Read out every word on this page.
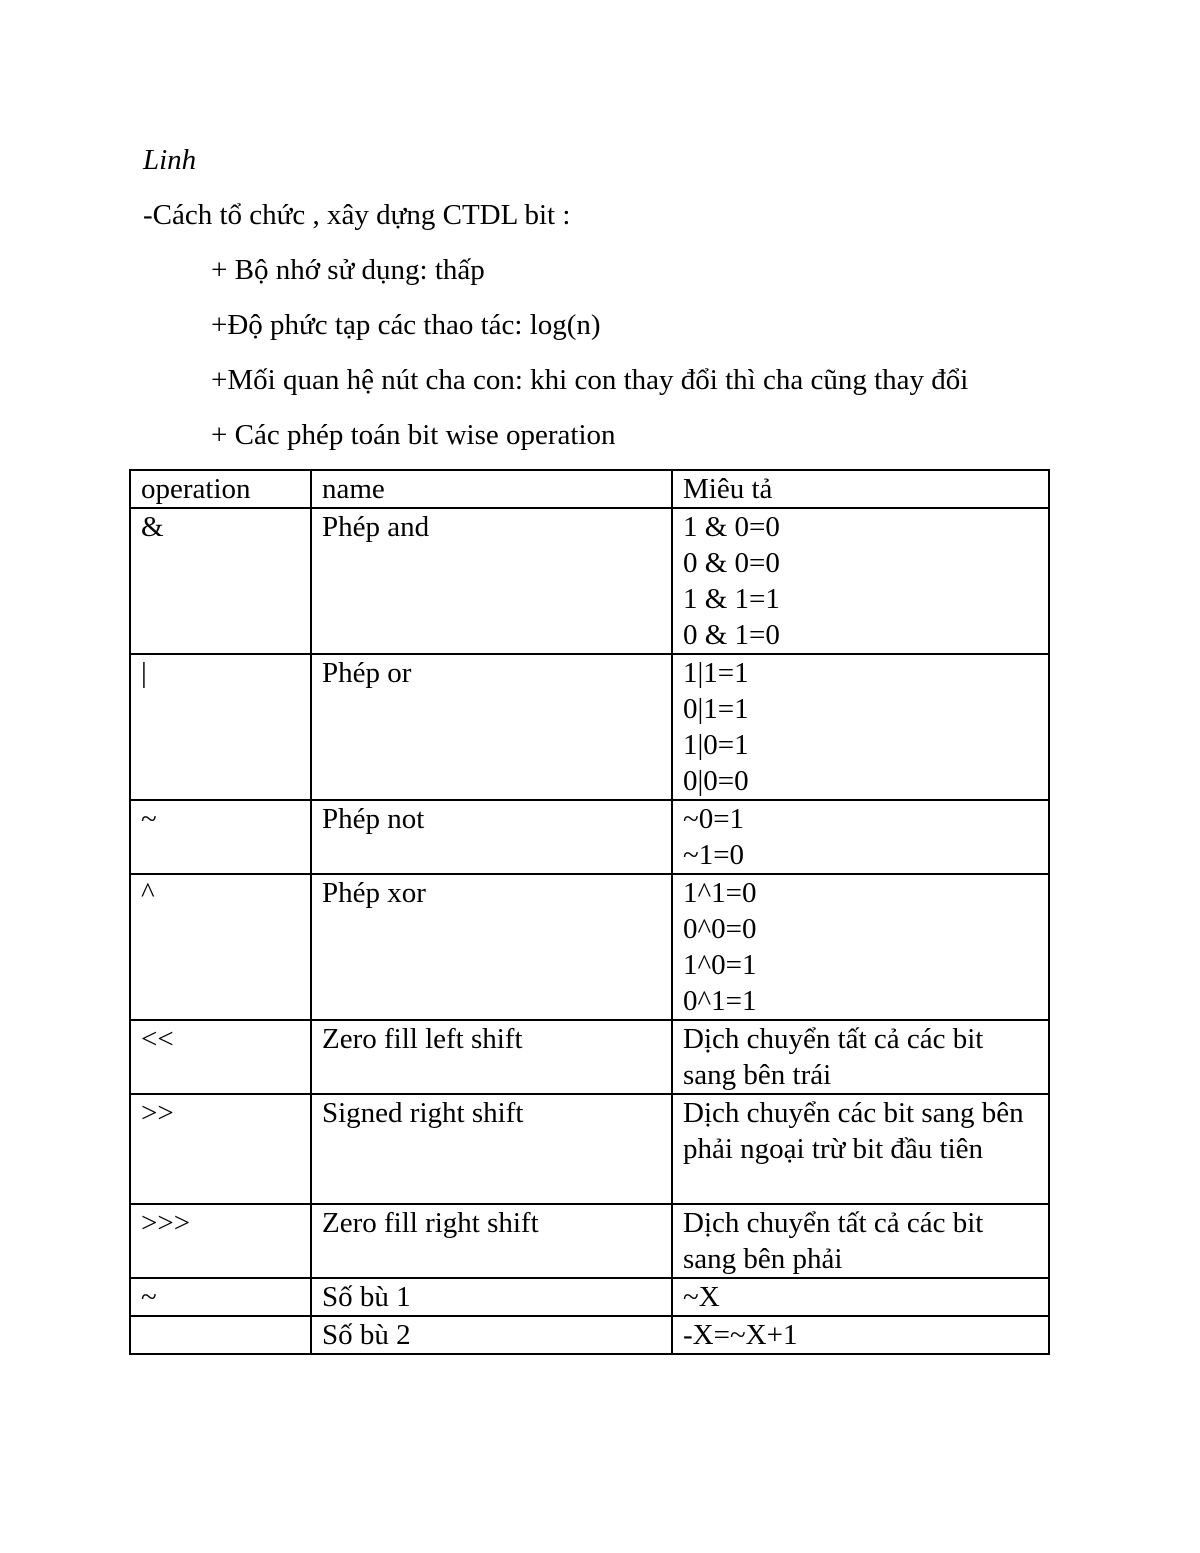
Linh
-Cách tổ chức , xây dựng CTDL bit :
+ Bộ nhớ sử dụng: thấp
+Độ phức tạp các thao tác: log(n)
+Mối quan hệ nút cha con: khi con thay đổi thì cha cũng thay đổi
+ Các phép toán bit wise operation
operation	name	Miêu tả
&	Phép and	1 & 0=0
0 & 0=0
1 & 1=1
0 & 1=0
|	Phép or	1|1=1
0|1=1
1|0=1
0|0=0
~	Phép not	~0=1
~1=0
^	Phép xor	1^1=0
0^0=0
1^0=1
0^1=1
<<	Zero fill left shift	Dịch chuyển tất cả các bit sang bên trái
>>	Signed right shift	Dịch chuyển các bit sang bên phải ngoại trừ bit đầu tiên
>>>	Zero fill right shift	Dịch chuyển tất cả các bit sang bên phải
~	Số bù 1	~X
	Số bù 2	-X=~X+1
